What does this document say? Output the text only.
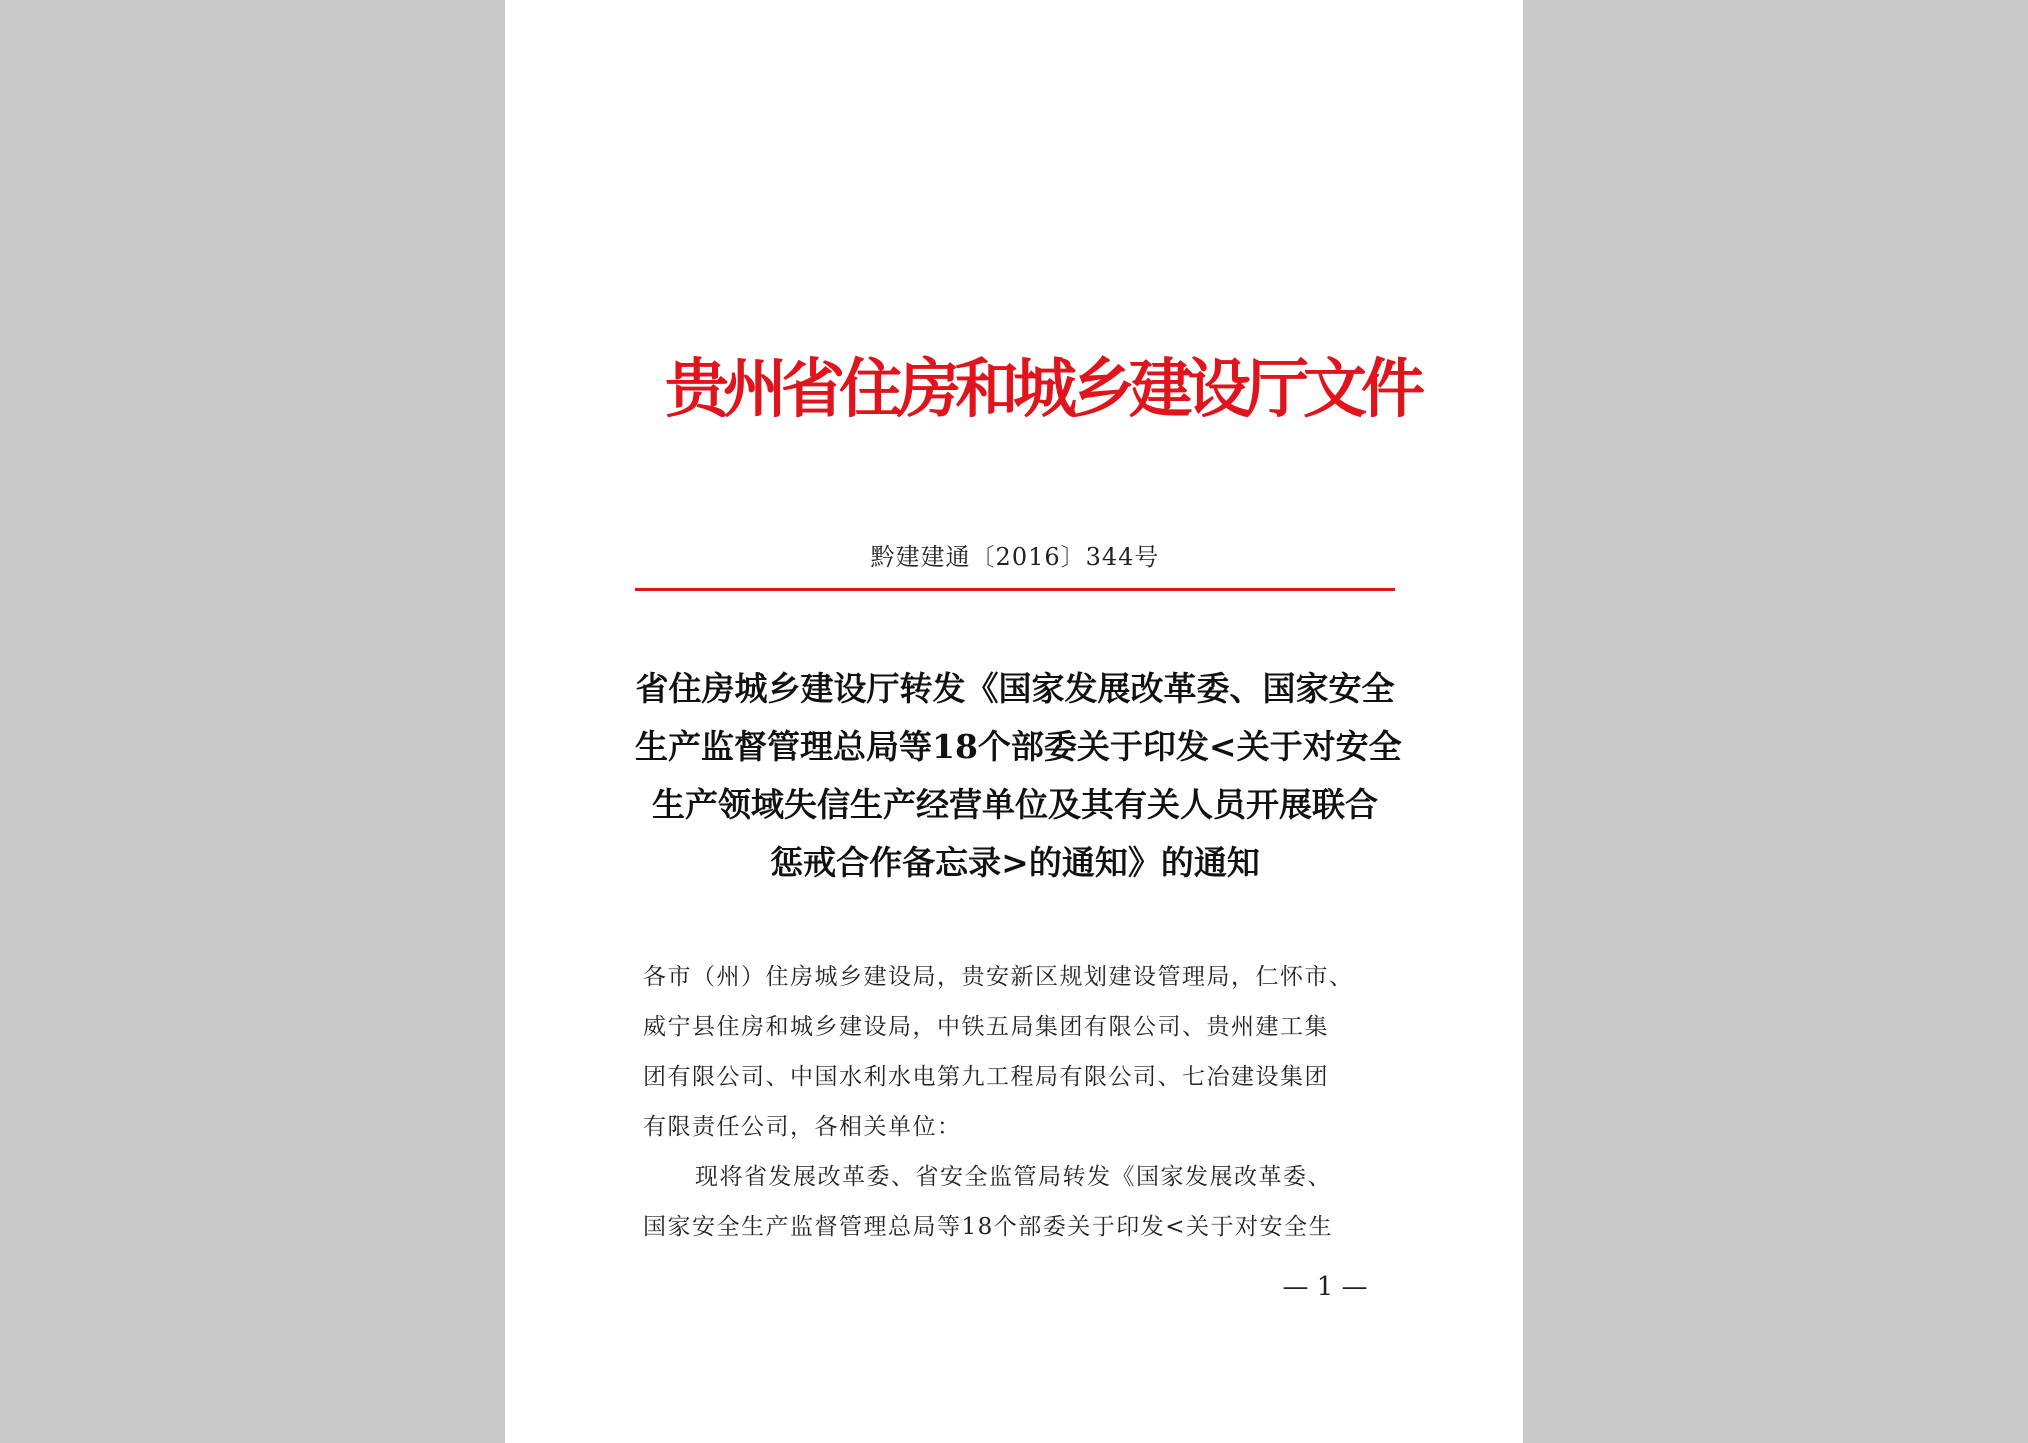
贵州省住房和城乡建设厅文件
黔建建通〔2016〕344号
省住房城乡建设厅转发《国家发展改革委、国家安全
生产监督管理总局等18个部委关于印发<关于对安全
生产领域失信生产经营单位及其有关人员开展联合
惩戒合作备忘录>的通知》的通知
各市（州）住房城乡建设局，贵安新区规划建设管理局，仁怀市、
威宁县住房和城乡建设局，中铁五局集团有限公司、贵州建工集
团有限公司、中国水利水电第九工程局有限公司、七冶建设集团
有限责任公司，各相关单位：
现将省发展改革委、省安全监管局转发《国家发展改革委、
国家安全生产监督管理总局等18个部委关于印发<关于对安全生
— 1 —
